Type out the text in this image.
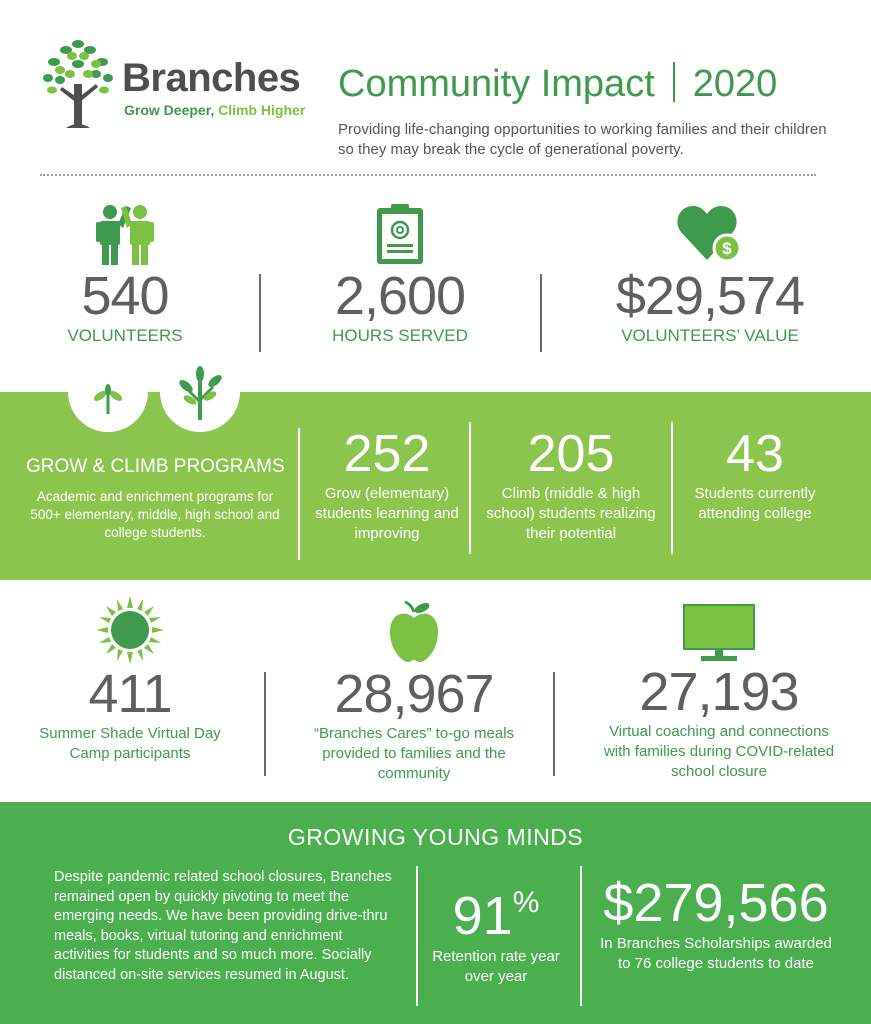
Branches
Grow Deeper, Climb Higher
Community Impact 2020
Providing life-changing opportunities to working families and their children so they may break the cycle of generational poverty.
540
VOLUNTEERS
2,600
HOURS SERVED
$
$29,574
VOLUNTEERS’ VALUE
GROW & CLIMB PROGRAMS
Academic and enrichment programs for 500+ elementary, middle, high school and college students.
252
Grow (elementary) students learning and improving
205
Climb (middle & high school) students realizing their potential
43
Students currently attending college
411
Summer Shade Virtual Day Camp participants
28,967
“Branches Cares” to-go meals provided to families and the community
27,193
Virtual coaching and connections with families during COVID-related school closure
GROWING YOUNG MINDS
Despite pandemic related school closures, Branches remained open by quickly pivoting to meet the emerging needs. We have been providing drive-thru meals, books, virtual tutoring and enrichment activities for students and so much more. Socially distanced on-site services resumed in August.
91%
Retention rate year over year
$279,566
In Branches Scholarships awarded to 76 college students to date
